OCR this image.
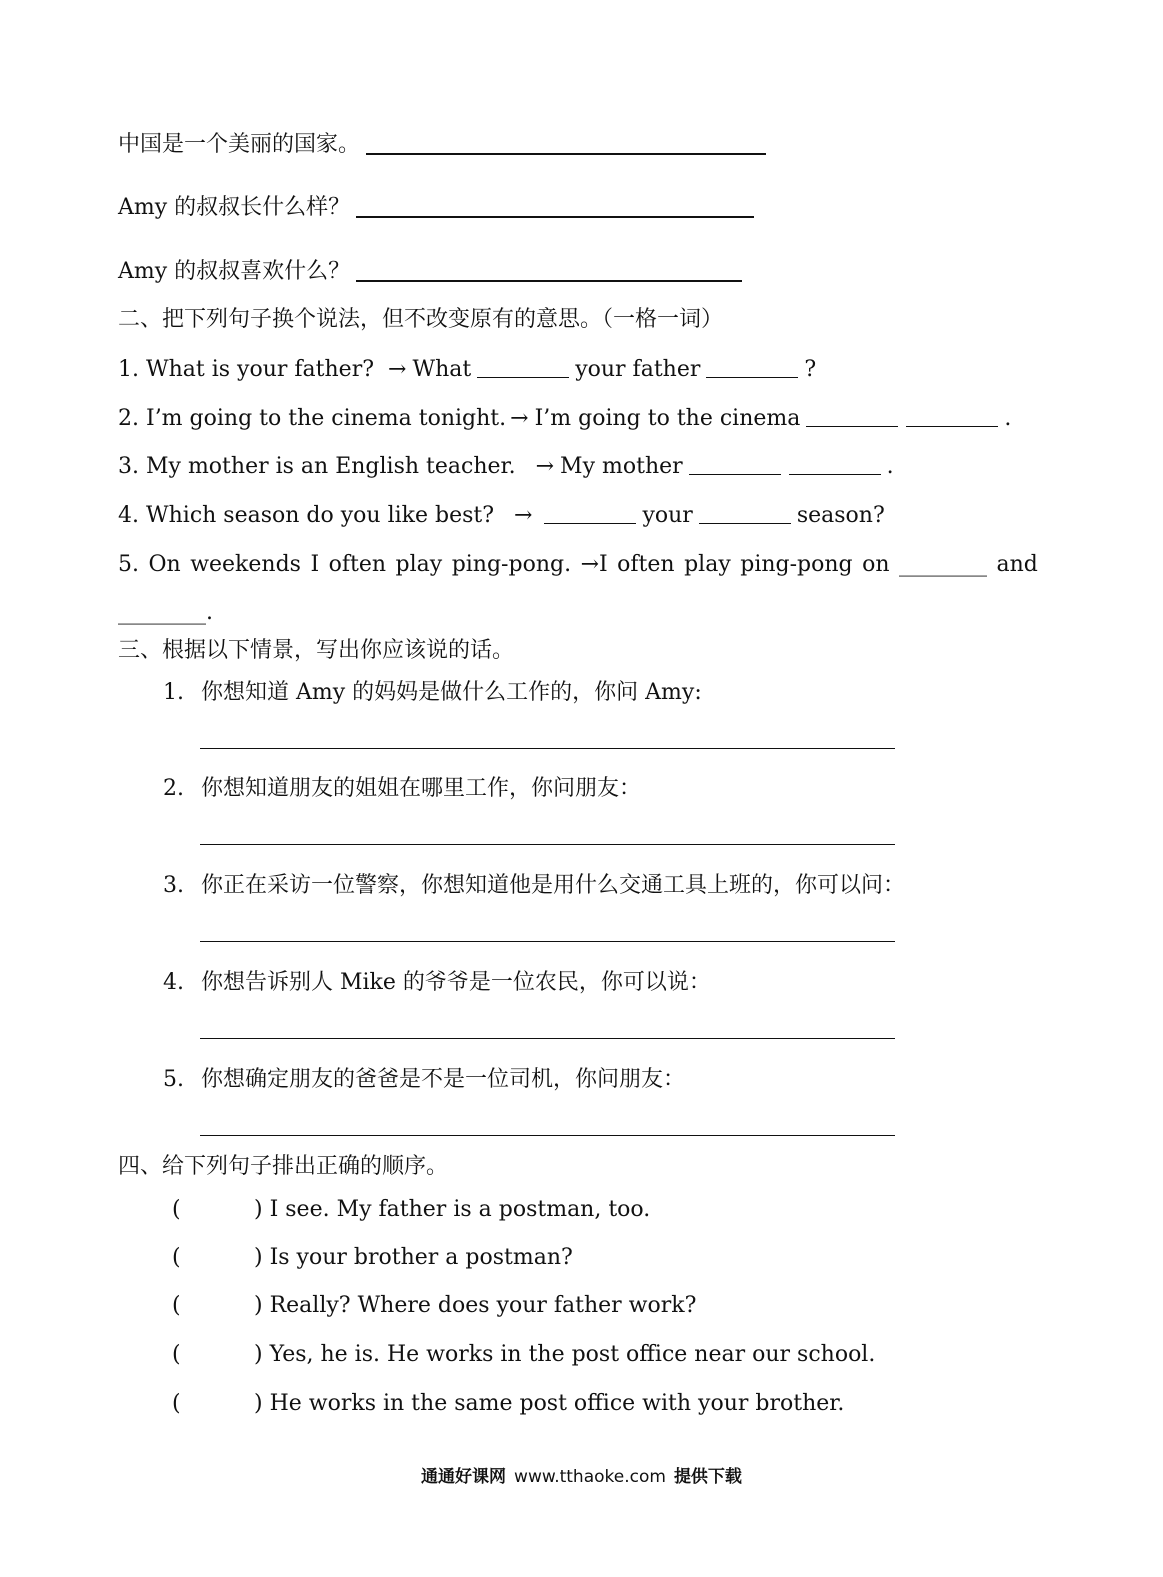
中国是一个美丽的国家。
Amy 的叔叔长什么样？
Amy 的叔叔喜欢什么？
二、把下列句子换个说法，但不改变原有的意思。（一格一词）
1. What is your father? → What	your father	?
2. I’m going to the cinema tonight. → I’m going to the cinema	.
3. My mother is an English teacher. → My mother	.
4. Which season do you like best? →	your	season?
5. On weekends I often play ping-pong. →I often play ping-pong on ________ and
________.
三、根据以下情景，写出你应该说的话。
1. 你想知道 Amy 的妈妈是做什么工作的，你问 Amy:
2. 你想知道朋友的姐姐在哪里工作，你问朋友：
3. 你正在采访一位警察，你想知道他是用什么交通工具上班的，你可以问：
4. 你想告诉别人 Mike 的爷爷是一位农民，你可以说：
5. 你想确定朋友的爸爸是不是一位司机，你问朋友：
四、给下列句子排出正确的顺序。
(	) I see. My father is a postman, too.
(	) Is your brother a postman?
(	) Really? Where does your father work?
(	) Yes, he is. He works in the post office near our school.
(	) He works in the same post office with your brother.
通通好课网 www.tthaoke.com 提供下载
